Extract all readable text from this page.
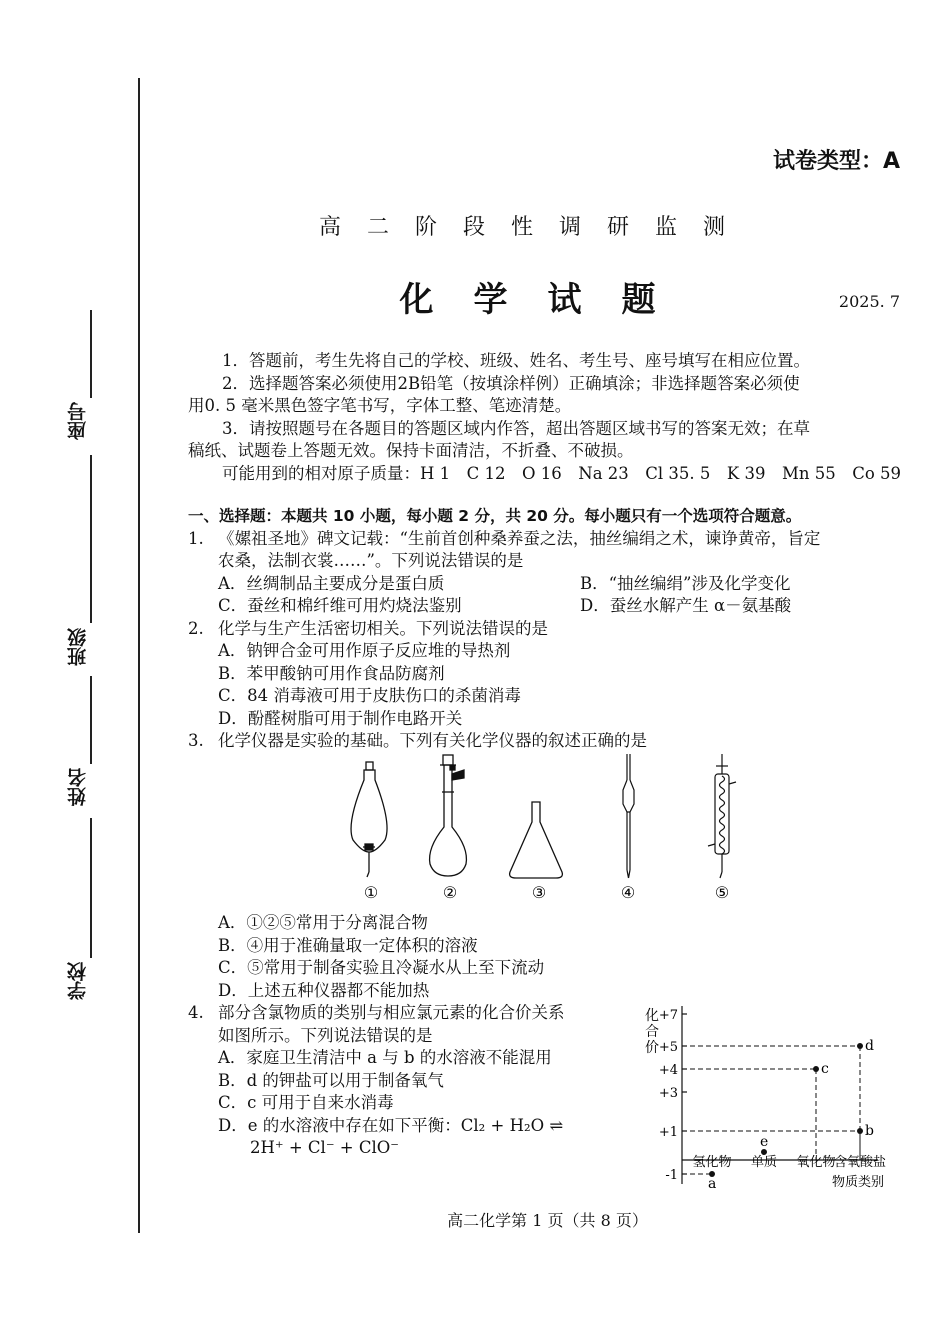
座号
班级
姓名
学校
试卷类型：A
高二阶段性调研监测
化学试题	2025. 7
1．答题前，考生先将自己的学校、班级、姓名、考生号、座号填写在相应位置。
2．选择题答案必须使用2B铅笔（按填涂样例）正确填涂；非选择题答案必须使
用0. 5 毫米黑色签字笔书写，字体工整、笔迹清楚。
3．请按照题号在各题目的答题区域内作答，超出答题区域书写的答案无效；在草
稿纸、试题卷上答题无效。保持卡面清洁，不折叠、不破损。
可能用到的相对原子质量：H 1　C 12　O 16　Na 23　Cl 35. 5　K 39　Mn 55　Co 59
一、选择题：本题共 10 小题，每小题 2 分，共 20 分。每小题只有一个选项符合题意。
1. 《嫘祖圣地》碑文记载：“生前首创种桑养蚕之法，抽丝编绢之术，谏诤黄帝，旨定
农桑，法制衣裳……”。下列说法错误的是
A．丝绸制品主要成分是蛋白质	B．“抽丝编绢”涉及化学变化
C．蚕丝和棉纤维可用灼烧法鉴别	D．蚕丝水解产生 α－氨基酸
2. 化学与生产生活密切相关。下列说法错误的是
A．钠钾合金可用作原子反应堆的导热剂
B．苯甲酸钠可用作食品防腐剂
C．84 消毒液可用于皮肤伤口的杀菌消毒
D．酚醛树脂可用于制作电路开关
3. 化学仪器是实验的基础。下列有关化学仪器的叙述正确的是
①	②	③	④	⑤
A．①②⑤常用于分离混合物
B．④用于准确量取一定体积的溶液
C．⑤常用于制备实验且冷凝水从上至下流动
D．上述五种仪器都不能加热
4. 部分含氯物质的类别与相应氯元素的化合价关系
如图所示。下列说法错误的是
A．家庭卫生清洁中 a 与 b 的水溶液不能混用
B．d 的钾盐可以用于制备氧气
C．c 可用于自来水消毒
D．e 的水溶液中存在如下平衡：Cl₂ + H₂O ⇌
2H⁺ + Cl⁻ + ClO⁻
+7
+5
+4
+3
+1
-1
氢化物 单质 氧化物
含氧酸盐
a
e
c
d
b
化
合
价
物质类别
高二化学第 1 页（共 8 页）
